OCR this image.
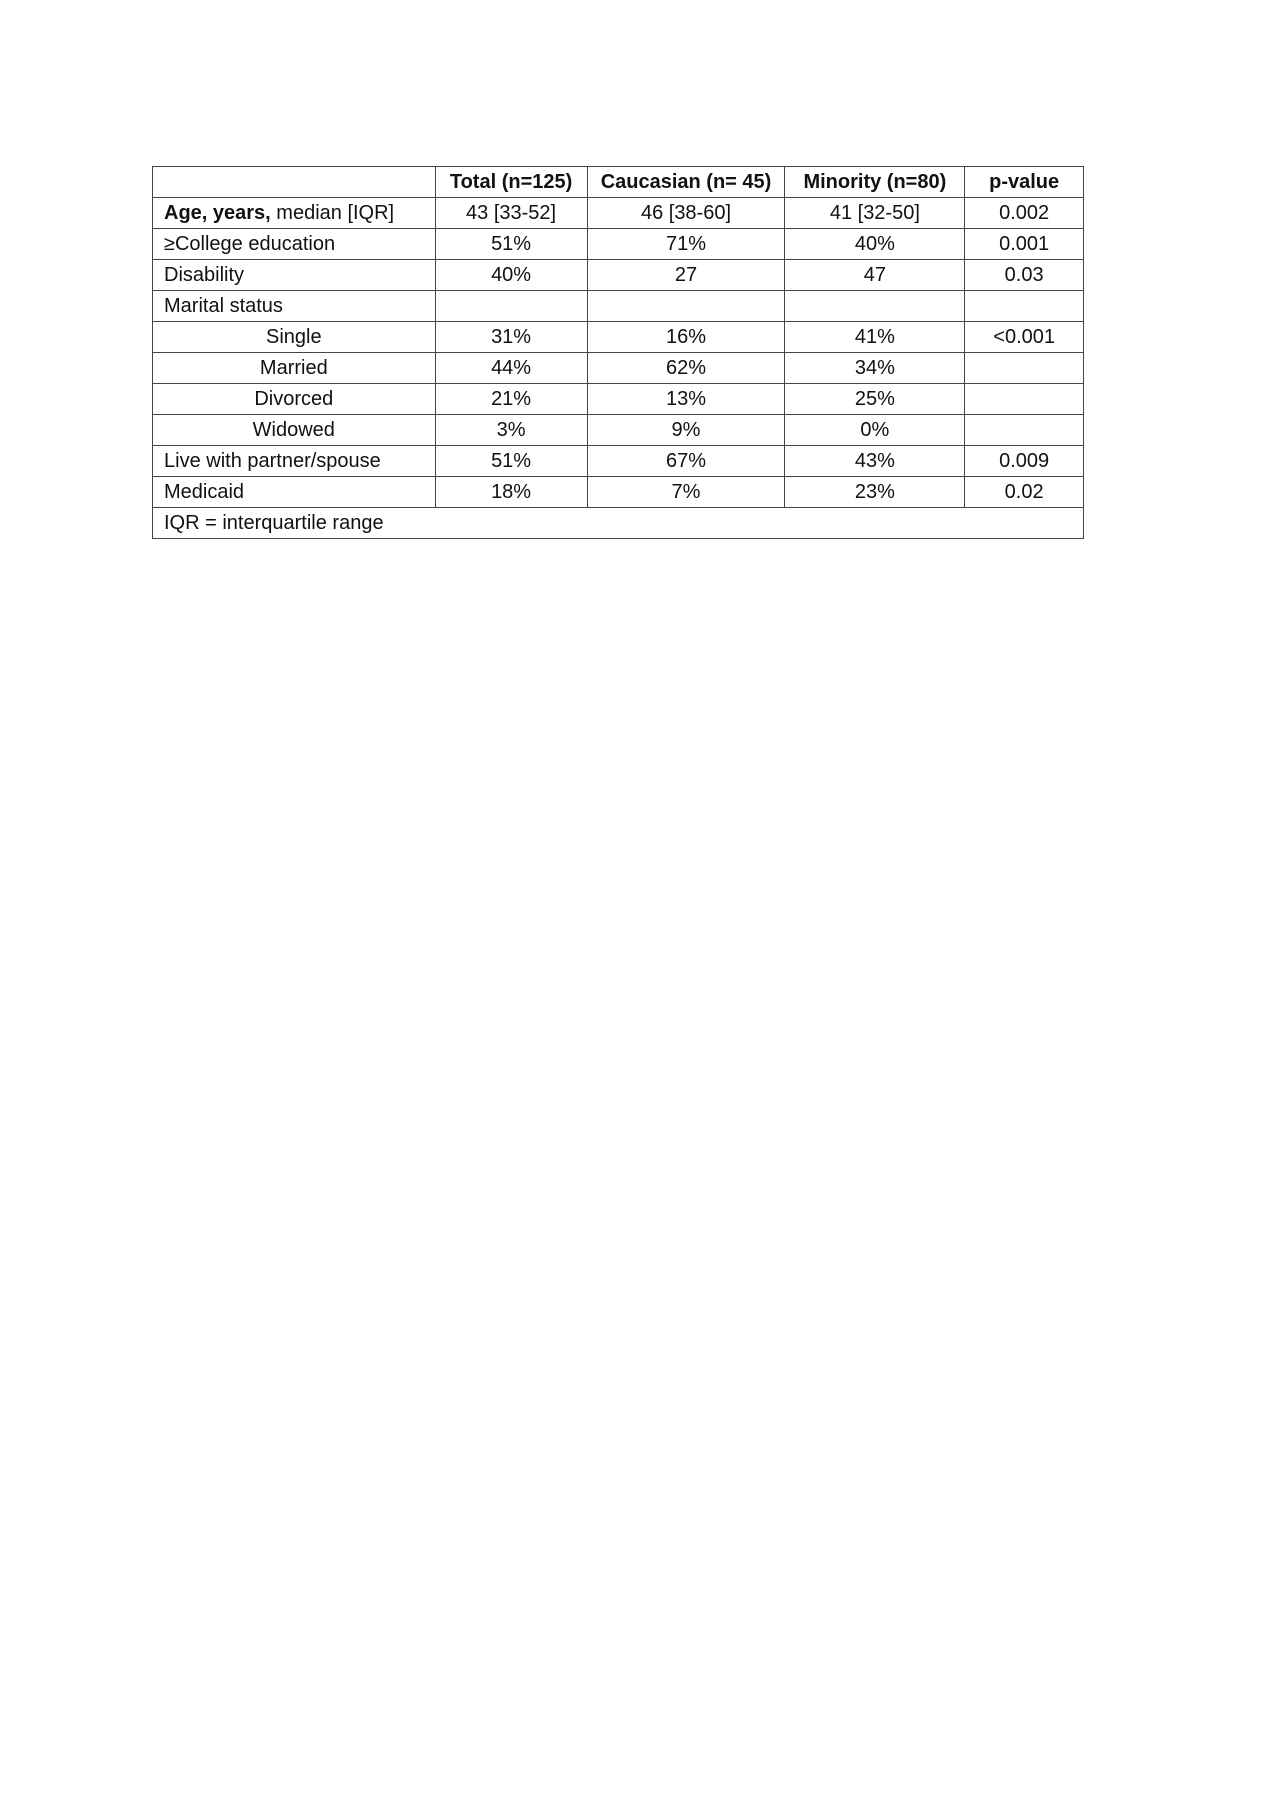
	Total (n=125)	Caucasian (n= 45)	Minority (n=80)	p-value
Age, years, median [IQR]	43 [33-52]	46 [38-60]	41 [32-50]	0.002
≥College education	51%	71%	40%	0.001
Disability	40%	27	47	0.03
Marital status				
Single	31%	16%	41%	<0.001
Married	44%	62%	34%	
Divorced	21%	13%	25%	
Widowed	3%	9%	0%	
Live with partner/spouse	51%	67%	43%	0.009
Medicaid	18%	7%	23%	0.02
IQR = interquartile range				
